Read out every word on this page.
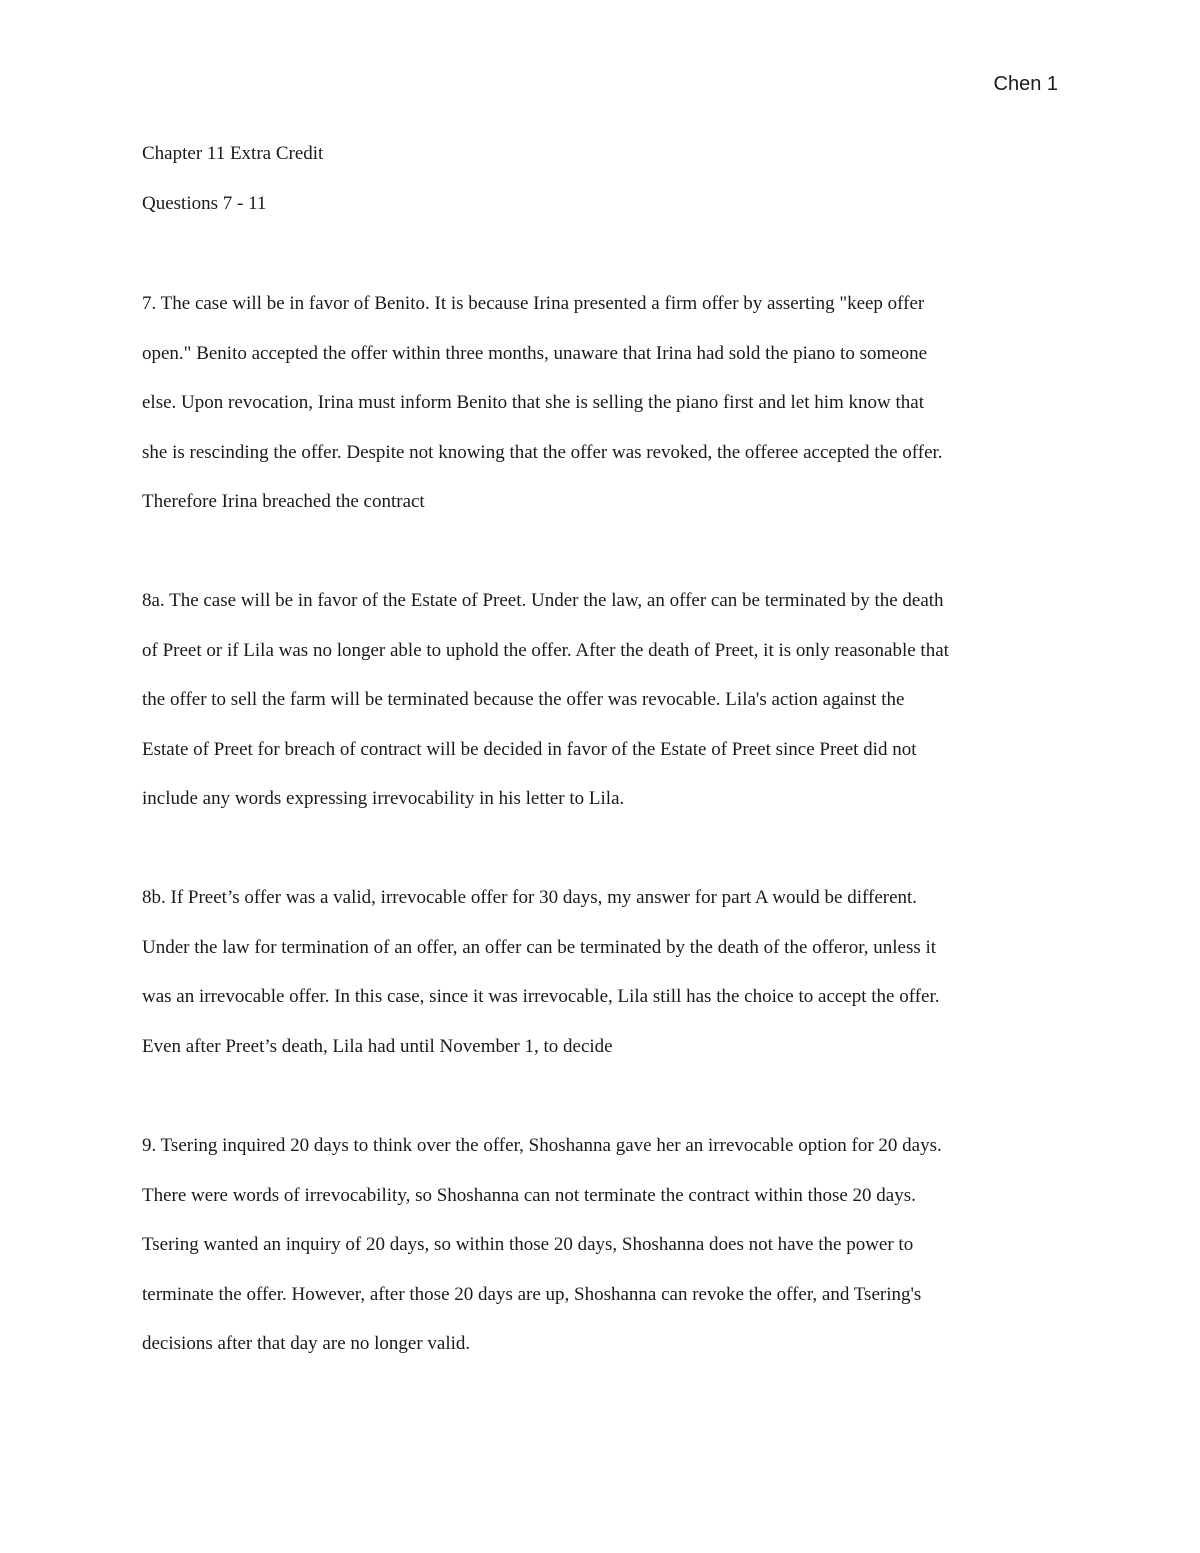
Chen 1
Chapter 11 Extra Credit
Questions 7 - 11

7. The case will be in favor of Benito. It is because Irina presented a firm offer by asserting "keep offer
open." Benito accepted the offer within three months, unaware that Irina had sold the piano to someone
else. Upon revocation, Irina must inform Benito that she is selling the piano first and let him know that
she is rescinding the offer. Despite not knowing that the offer was revoked, the offeree accepted the offer.
Therefore Irina breached the contract

8a. The case will be in favor of the Estate of Preet. Under the law, an offer can be terminated by the death
of Preet or if Lila was no longer able to uphold the offer. After the death of Preet, it is only reasonable that
the offer to sell the farm will be terminated because the offer was revocable. Lila's action against the
Estate of Preet for breach of contract will be decided in favor of the Estate of Preet since Preet did not
include any words expressing irrevocability in his letter to Lila.

8b. If Preet’s offer was a valid, irrevocable offer for 30 days, my answer for part A would be different.
Under the law for termination of an offer, an offer can be terminated by the death of the offeror, unless it
was an irrevocable offer. In this case, since it was irrevocable, Lila still has the choice to accept the offer.
Even after Preet’s death, Lila had until November 1, to decide

9. Tsering inquired 20 days to think over the offer, Shoshanna gave her an irrevocable option for 20 days.
There were words of irrevocability, so Shoshanna can not terminate the contract within those 20 days.
Tsering wanted an inquiry of 20 days, so within those 20 days, Shoshanna does not have the power to
terminate the offer. However, after those 20 days are up, Shoshanna can revoke the offer, and Tsering's
decisions after that day are no longer valid.
